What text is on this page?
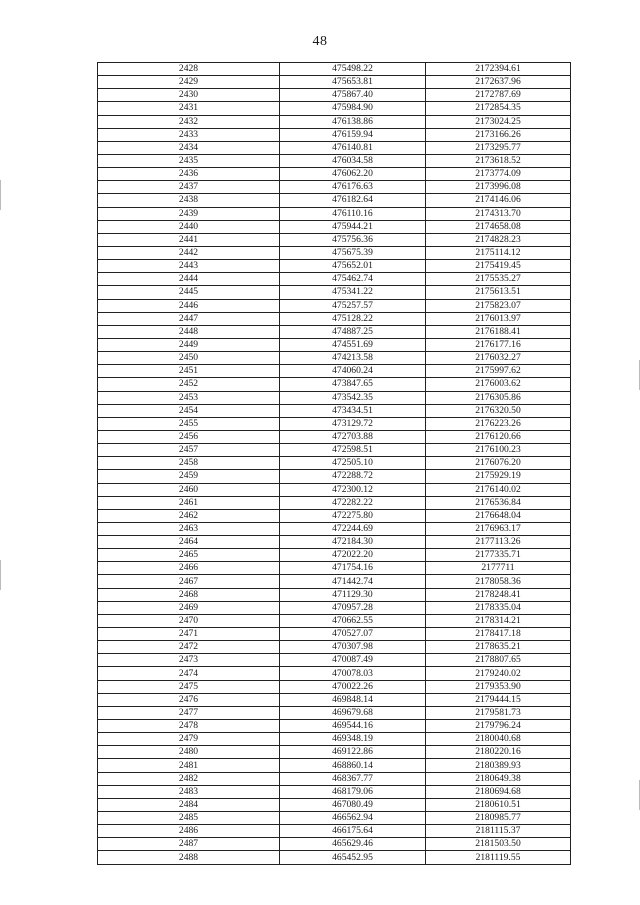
48
2428	475498.22	2172394.61
2429	475653.81	2172637.96
2430	475867.40	2172787.69
2431	475984.90	2172854.35
2432	476138.86	2173024.25
2433	476159.94	2173166.26
2434	476140.81	2173295.77
2435	476034.58	2173618.52
2436	476062.20	2173774.09
2437	476176.63	2173996.08
2438	476182.64	2174146.06
2439	476110.16	2174313.70
2440	475944.21	2174658.08
2441	475756.36	2174828.23
2442	475675.39	2175114.12
2443	475652.01	2175419.45
2444	475462.74	2175535.27
2445	475341.22	2175613.51
2446	475257.57	2175823.07
2447	475128.22	2176013.97
2448	474887.25	2176188.41
2449	474551.69	2176177.16
2450	474213.58	2176032.27
2451	474060.24	2175997.62
2452	473847.65	2176003.62
2453	473542.35	2176305.86
2454	473434.51	2176320.50
2455	473129.72	2176223.26
2456	472703.88	2176120.66
2457	472598.51	2176100.23
2458	472505.10	2176076.20
2459	472288.72	2175929.19
2460	472300.12	2176140.02
2461	472282.22	2176536.84
2462	472275.80	2176648.04
2463	472244.69	2176963.17
2464	472184.30	2177113.26
2465	472022.20	2177335.71
2466	471754.16	2177711
2467	471442.74	2178058.36
2468	471129.30	2178248.41
2469	470957.28	2178335.04
2470	470662.55	2178314.21
2471	470527.07	2178417.18
2472	470307.98	2178635.21
2473	470087.49	2178807.65
2474	470078.03	2179240.02
2475	470022.26	2179353.90
2476	469848.14	2179444.15
2477	469679.68	2179581.73
2478	469544.16	2179796.24
2479	469348.19	2180040.68
2480	469122.86	2180220.16
2481	468860.14	2180389.93
2482	468367.77	2180649.38
2483	468179.06	2180694.68
2484	467080.49	2180610.51
2485	466562.94	2180985.77
2486	466175.64	2181115.37
2487	465629.46	2181503.50
2488	465452.95	2181119.55
